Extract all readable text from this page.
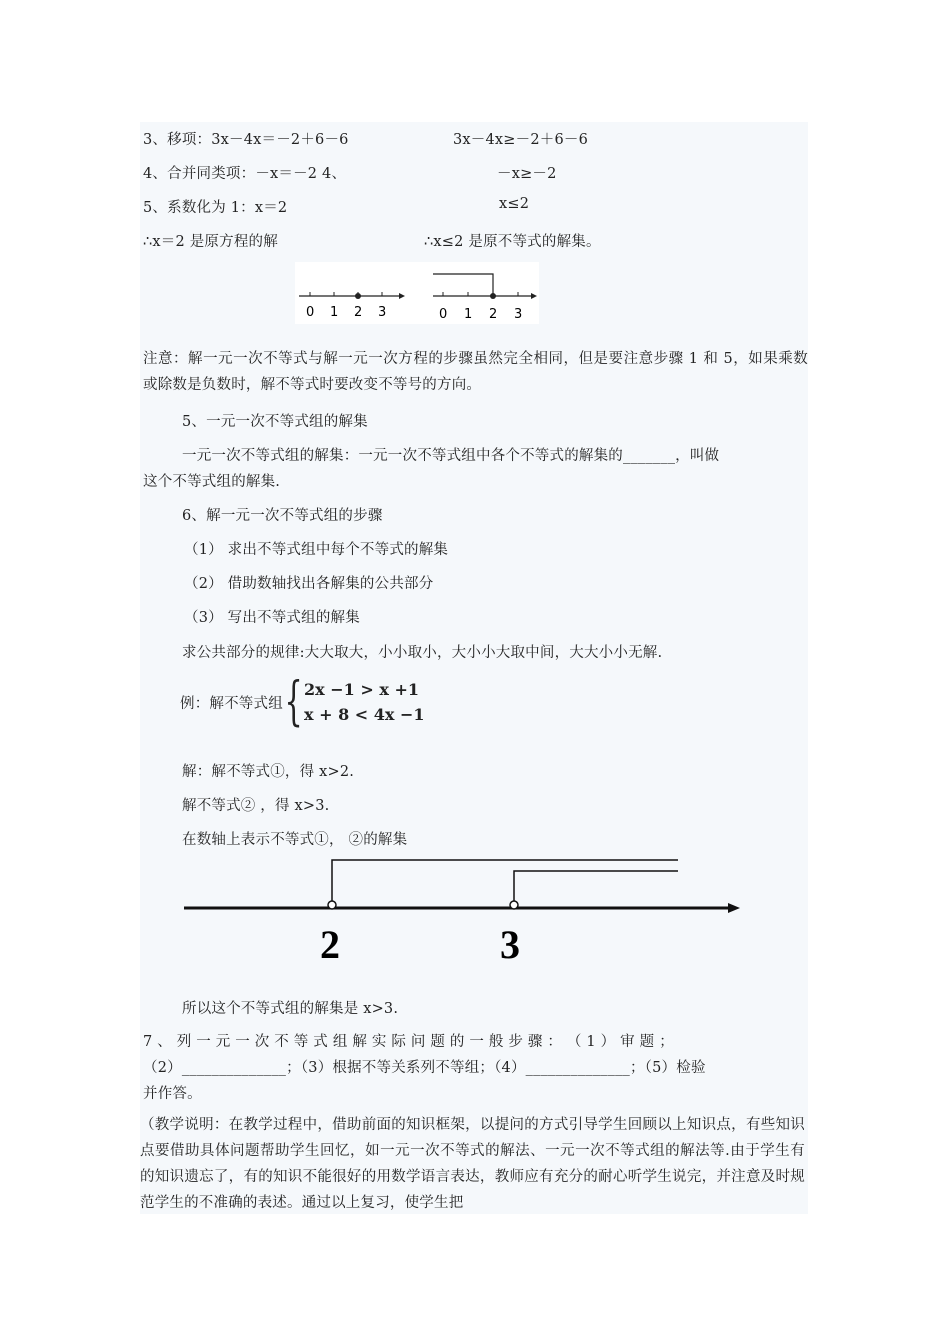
3、移项：3x－4x＝－2＋6－6	3x－4x≥－2＋6－6
4、合并同类项：－x＝－2 4、	－x≥－2
5、系数化为 1：x＝2	x≤2
∴x＝2 是原方程的解	∴x≤2 是原不等式的解集。
0 1 2 3	0 1 2 3
注意：解一元一次不等式与解一元一次方程的步骤虽然完全相同，但是要注意步骤 1 和 5，如果乘数或除数是负数时，解不等式时要改变不等号的方向。
5、一元一次不等式组的解集
一元一次不等式组的解集：一元一次不等式组中各个不等式的解集的_______，叫做
这个不等式组的解集.
6、解一元一次不等式组的步骤
（1） 求出不等式组中每个不等式的解集
（2） 借助数轴找出各解集的公共部分
（3） 写出不等式组的解集
求公共部分的规律:大大取大，小小取小，大小小大取中间，大大小小无解.
例：解不等式组 { 2x −1 > x +1
x + 8 < 4x −1
解：解不等式①，得 x>2.
解不等式② ，得 x>3.
在数轴上表示不等式①， ②的解集
2	3
所以这个不等式组的解集是 x>3.
7 、 列 一 元 一 次 不 等 式 组 解 实 际 问 题 的 一 般 步 骤 ： （ 1 ） 审 题 ；
（2）______________；（3）根据不等关系列不等组；（4）______________；（5）检验
并作答。
（教学说明：在教学过程中，借助前面的知识框架，以提问的方式引导学生回顾以上知识点，有些知识点要借助具体问题帮助学生回忆，如一元一次不等式的解法、一元一次不等式组的解法等.由于学生有的知识遗忘了，有的知识不能很好的用数学语言表达，教师应有充分的耐心听学生说完，并注意及时规范学生的不准确的表述。通过以上复习，使学生把
